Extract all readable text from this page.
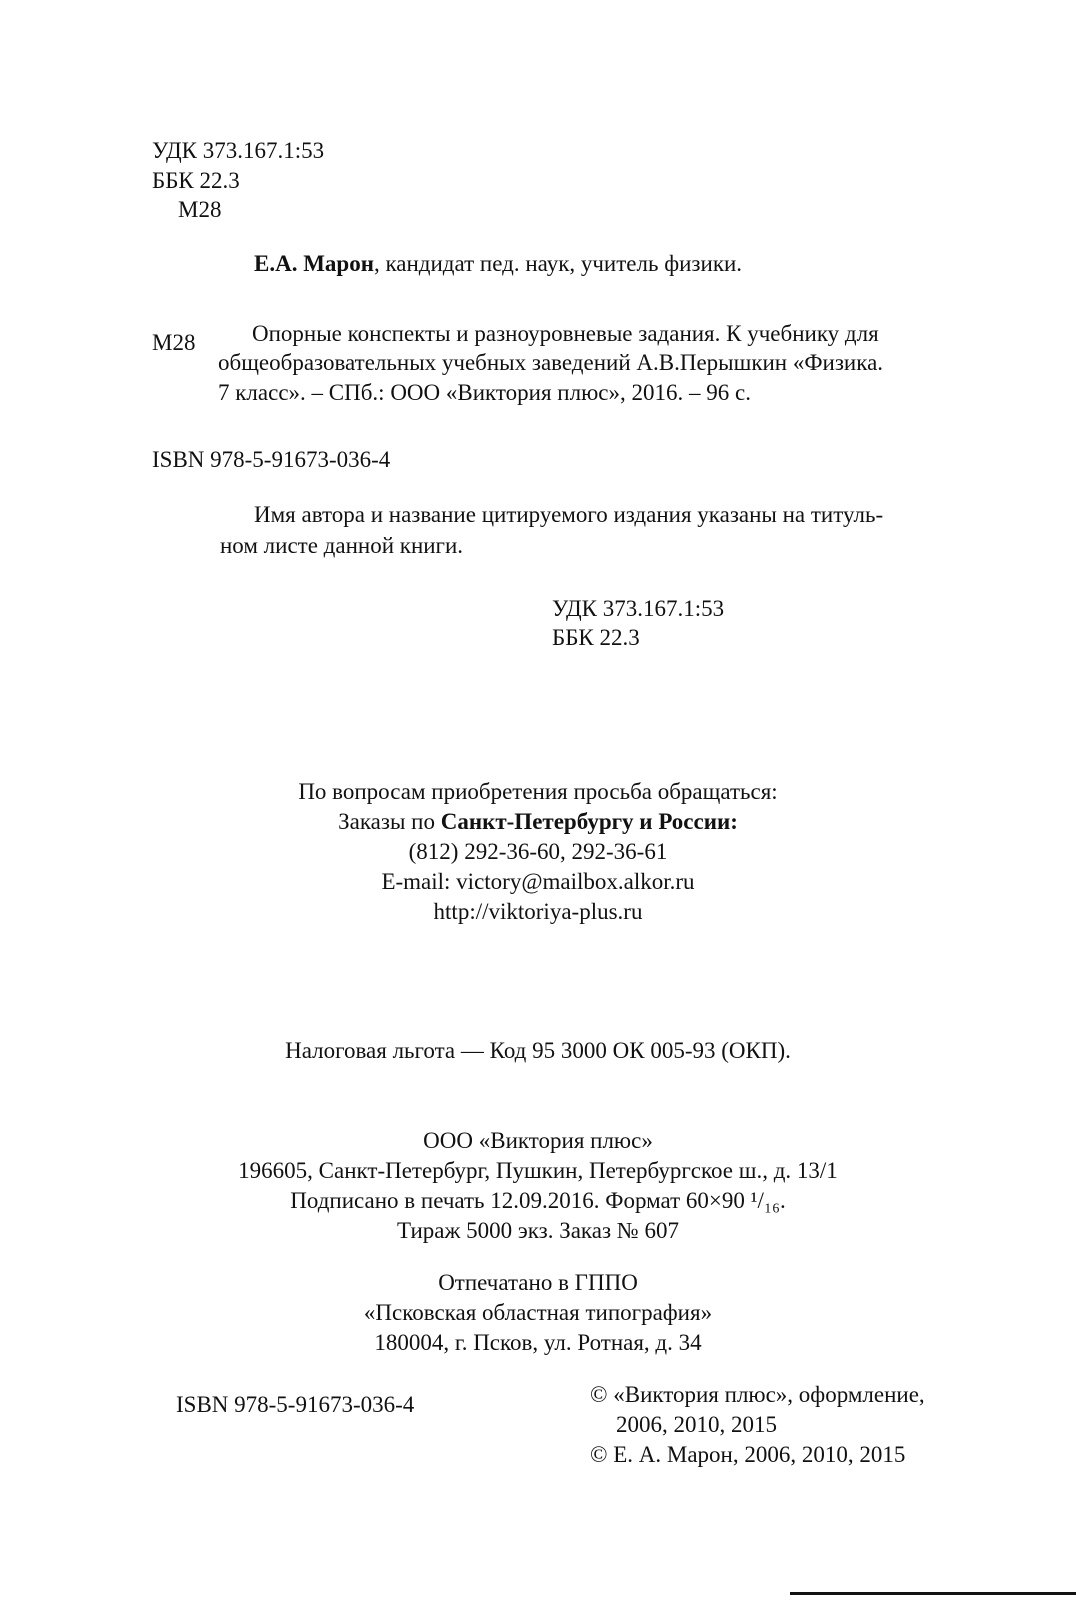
УДК 373.167.1:53
ББК 22.3
М28
Е.А. Марон, кандидат пед. наук, учитель физики.
М28 Опорные конспекты и разноуровневые задания. К учебнику для
общеобразовательных учебных заведений А.В.Перышкин «Физика.
7 класс». – СПб.: ООО «Виктория плюс», 2016. – 96 с.
ISBN 978-5-91673-036-4
Имя автора и название цитируемого издания указаны на титуль-
ном листе данной книги.
УДК 373.167.1:53
ББК 22.3
По вопросам приобретения просьба обращаться:
Заказы по Санкт-Петербургу и России:
(812) 292-36-60, 292-36-61
E-mail: victory@mailbox.alkor.ru
http://viktoriya-plus.ru
Налоговая льгота — Код 95 3000 ОК 005-93 (ОКП).
ООО «Виктория плюс»
196605, Санкт-Петербург, Пушкин, Петербургское ш., д. 13/1
Подписано в печать 12.09.2016. Формат 60×90 ¹/₁₆.
Тираж 5000 экз. Заказ № 607
Отпечатано в ГППО
«Псковская областная типография»
180004, г. Псков, ул. Ротная, д. 34
ISBN 978-5-91673-036-4	© «Виктория плюс», оформление,
2006, 2010, 2015
© Е. А. Марон, 2006, 2010, 2015
